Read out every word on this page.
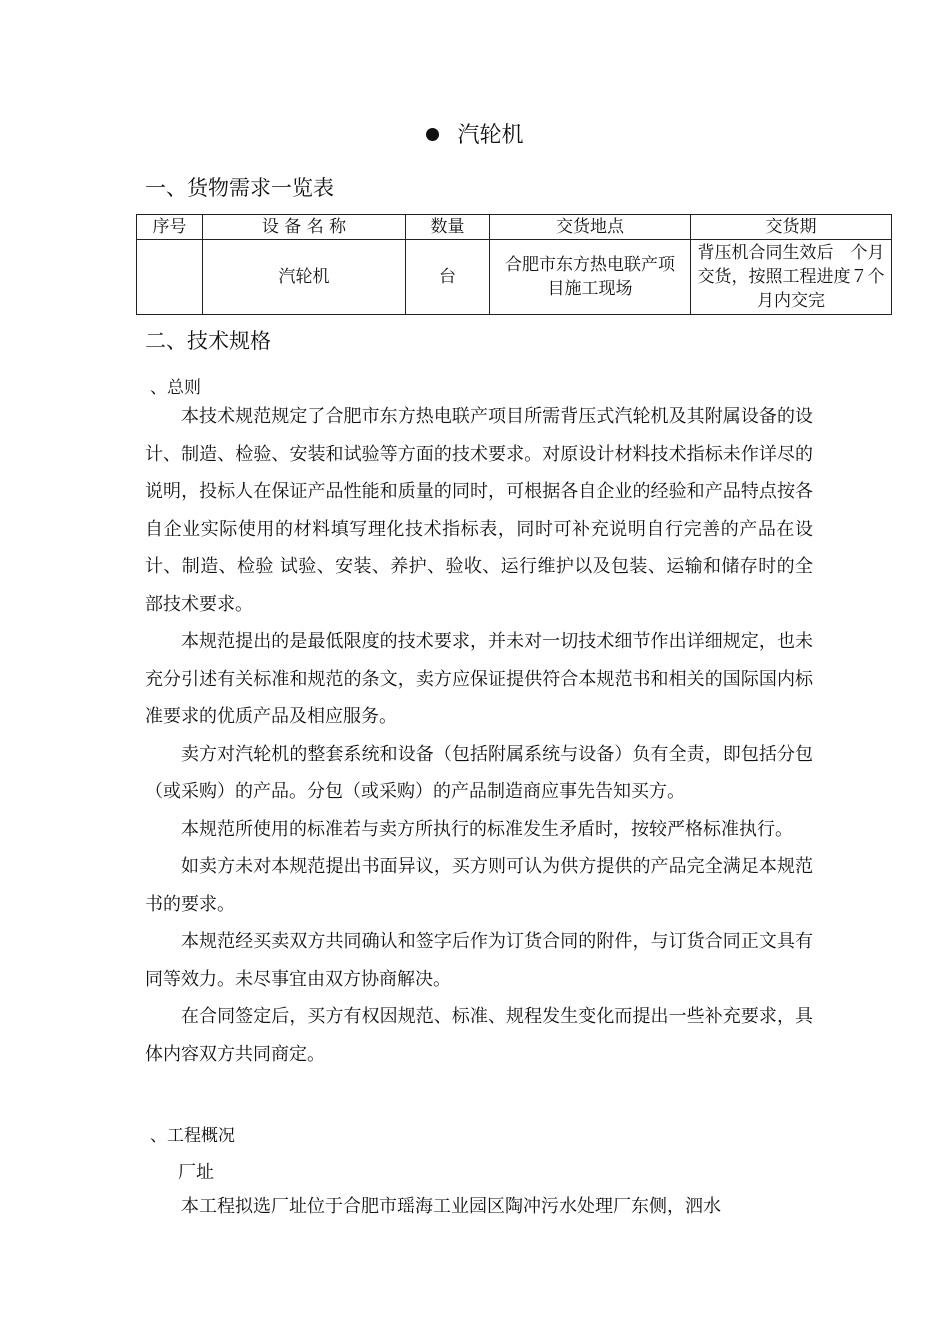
汽轮机
一、货物需求一览表
序号	设 备 名 称	数量	交货地点	交货期
	汽轮机	台	合肥市东方热电联产项目施工现场	背压机合同生效后　个月交货，按照工程进度７个月内交完
二、技术规格
、总则

本技术规范规定了合肥市东方热电联产项目所需背压式汽轮机及其附属设备的设计、制造、检验、安装和试验等方面的技术要求。对原设计材料技术指标未作详尽的说明，投标人在保证产品性能和质量的同时，可根据各自企业的经验和产品特点按各自企业实际使用的材料填写理化技术指标表，同时可补充说明自行完善的产品在设计、制造、检验 试验、安装、养护、验收、运行维护以及包装、运输和储存时的全部技术要求。

本规范提出的是最低限度的技术要求，并未对一切技术细节作出详细规定，也未充分引述有关标准和规范的条文，卖方应保证提供符合本规范书和相关的国际国内标准要求的优质产品及相应服务。

卖方对汽轮机的整套系统和设备（包括附属系统与设备）负有全责，即包括分包（或采购）的产品。分包（或采购）的产品制造商应事先告知买方。

本规范所使用的标准若与卖方所执行的标准发生矛盾时，按较严格标准执行。

如卖方未对本规范提出书面异议，买方则可认为供方提供的产品完全满足本规范书的要求。

本规范经买卖双方共同确认和签字后作为订货合同的附件，与订货合同正文具有同等效力。未尽事宜由双方协商解决。

在合同签定后，买方有权因规范、标准、规程发生变化而提出一些补充要求，具体内容双方共同商定。

、工程概况
厂址

本工程拟选厂址位于合肥市瑶海工业园区陶冲污水处理厂东侧，泗水
